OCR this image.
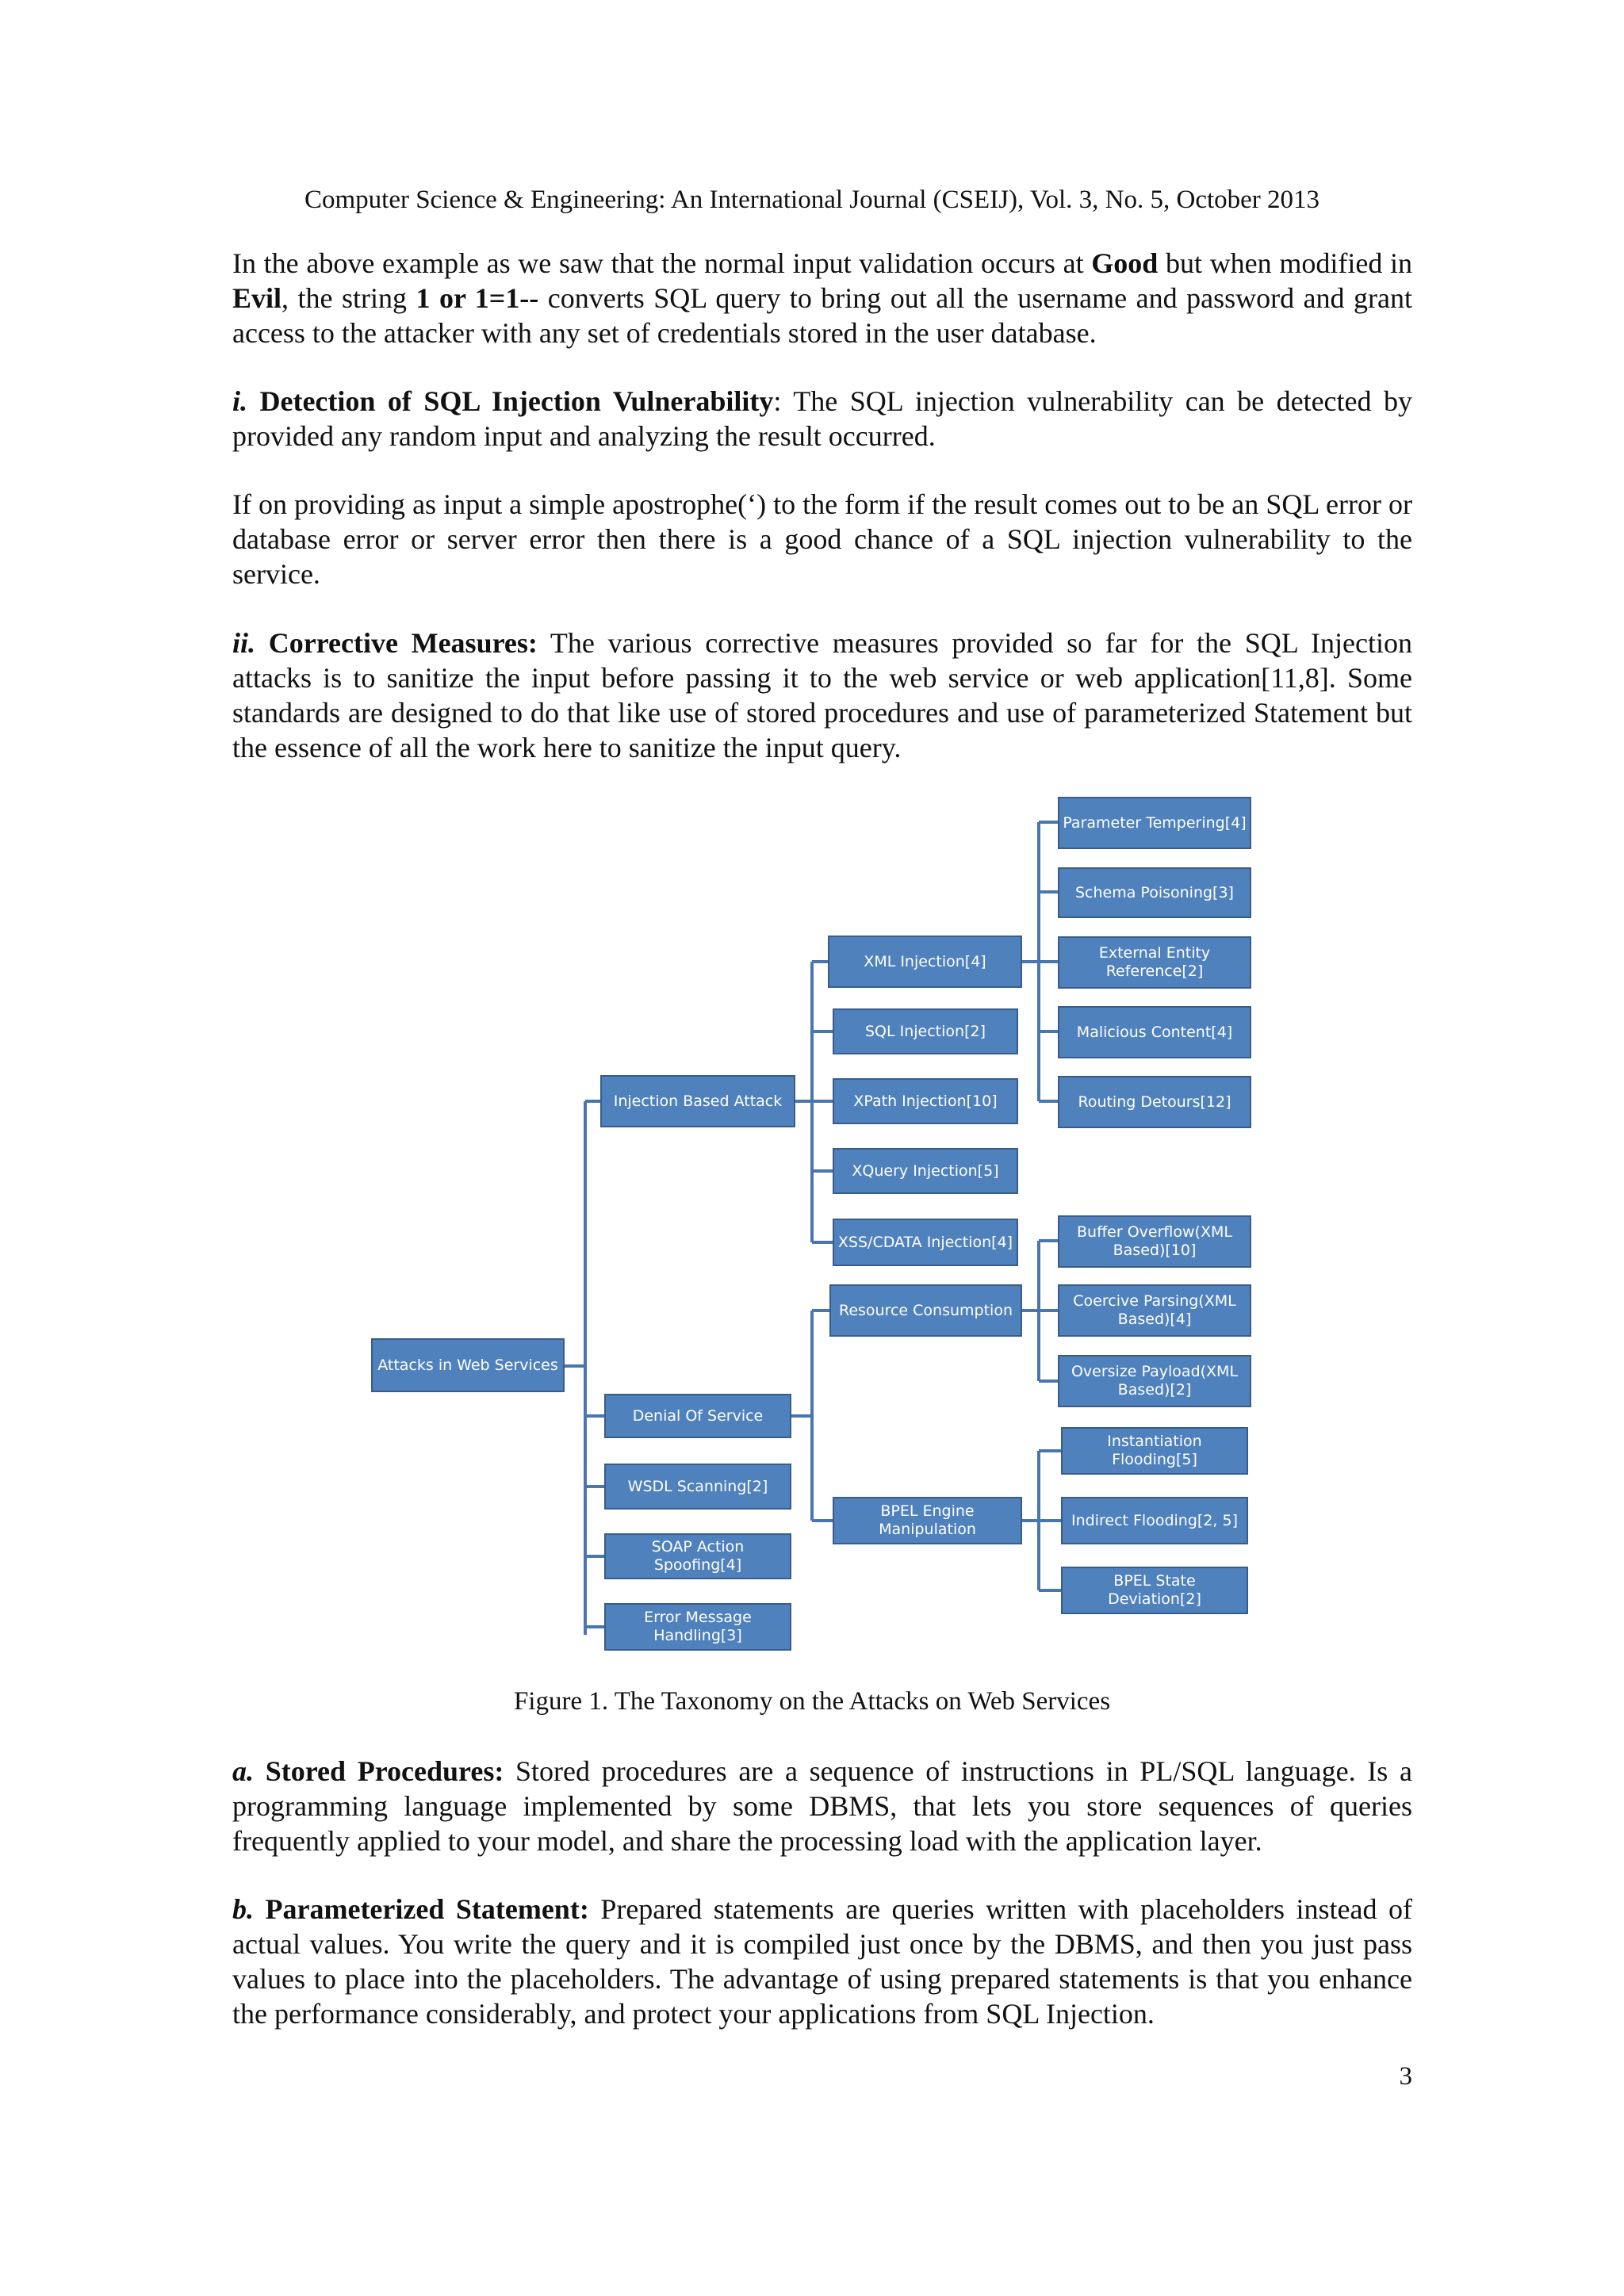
Computer Science & Engineering: An International Journal (CSEIJ), Vol. 3, No. 5, October 2013

In the above example as we saw that the normal input validation occurs at Good but when modified in Evil, the string 1 or 1=1-- converts SQL query to bring out all the username and password and grant access to the attacker with any set of credentials stored in the user database.

i. Detection of SQL Injection Vulnerability: The SQL injection vulnerability can be detected by provided any random input and analyzing the result occurred.

If on providing as input a simple apostrophe(‘) to the form if the result comes out to be an SQL error or database error or server error then there is a good chance of a SQL injection vulnerability to the service.

ii. Corrective Measures: The various corrective measures provided so far for the SQL Injection attacks is to sanitize the input before passing it to the web service or web application[11,8]. Some standards are designed to do that like use of stored procedures and use of parameterized Statement but the essence of all the work here to sanitize the input query.

Attacks in Web Services
Injection Based Attack
Denial Of Service
WSDL Scanning[2]
SOAP Action Spoofing[4]
Error Message Handling[3]
XML Injection[4]
SQL Injection[2]
XPath Injection[10]
XQuery Injection[5]
XSS/CDATA Injection[4]
Parameter Tempering[4]
Schema Poisoning[3]
External Entity Reference[2]
Malicious Content[4]
Routing Detours[12]
Resource Consumption
BPEL Engine Manipulation
Buffer Overflow(XML Based)[10]
Coercive Parsing(XML Based)[4]
Oversize Payload(XML Based)[2]
Instantiation Flooding[5]
Indirect Flooding[2, 5]
BPEL State Deviation[2]
Figure 1. The Taxonomy on the Attacks on Web Services

a. Stored Procedures: Stored procedures are a sequence of instructions in PL/SQL language. Is a programming language implemented by some DBMS, that lets you store sequences of queries frequently applied to your model, and share the processing load with the application layer.

b. Parameterized Statement: Prepared statements are queries written with placeholders instead of actual values. You write the query and it is compiled just once by the DBMS, and then you just pass values to place into the placeholders. The advantage of using prepared statements is that you enhance the performance considerably, and protect your applications from SQL Injection.

3
